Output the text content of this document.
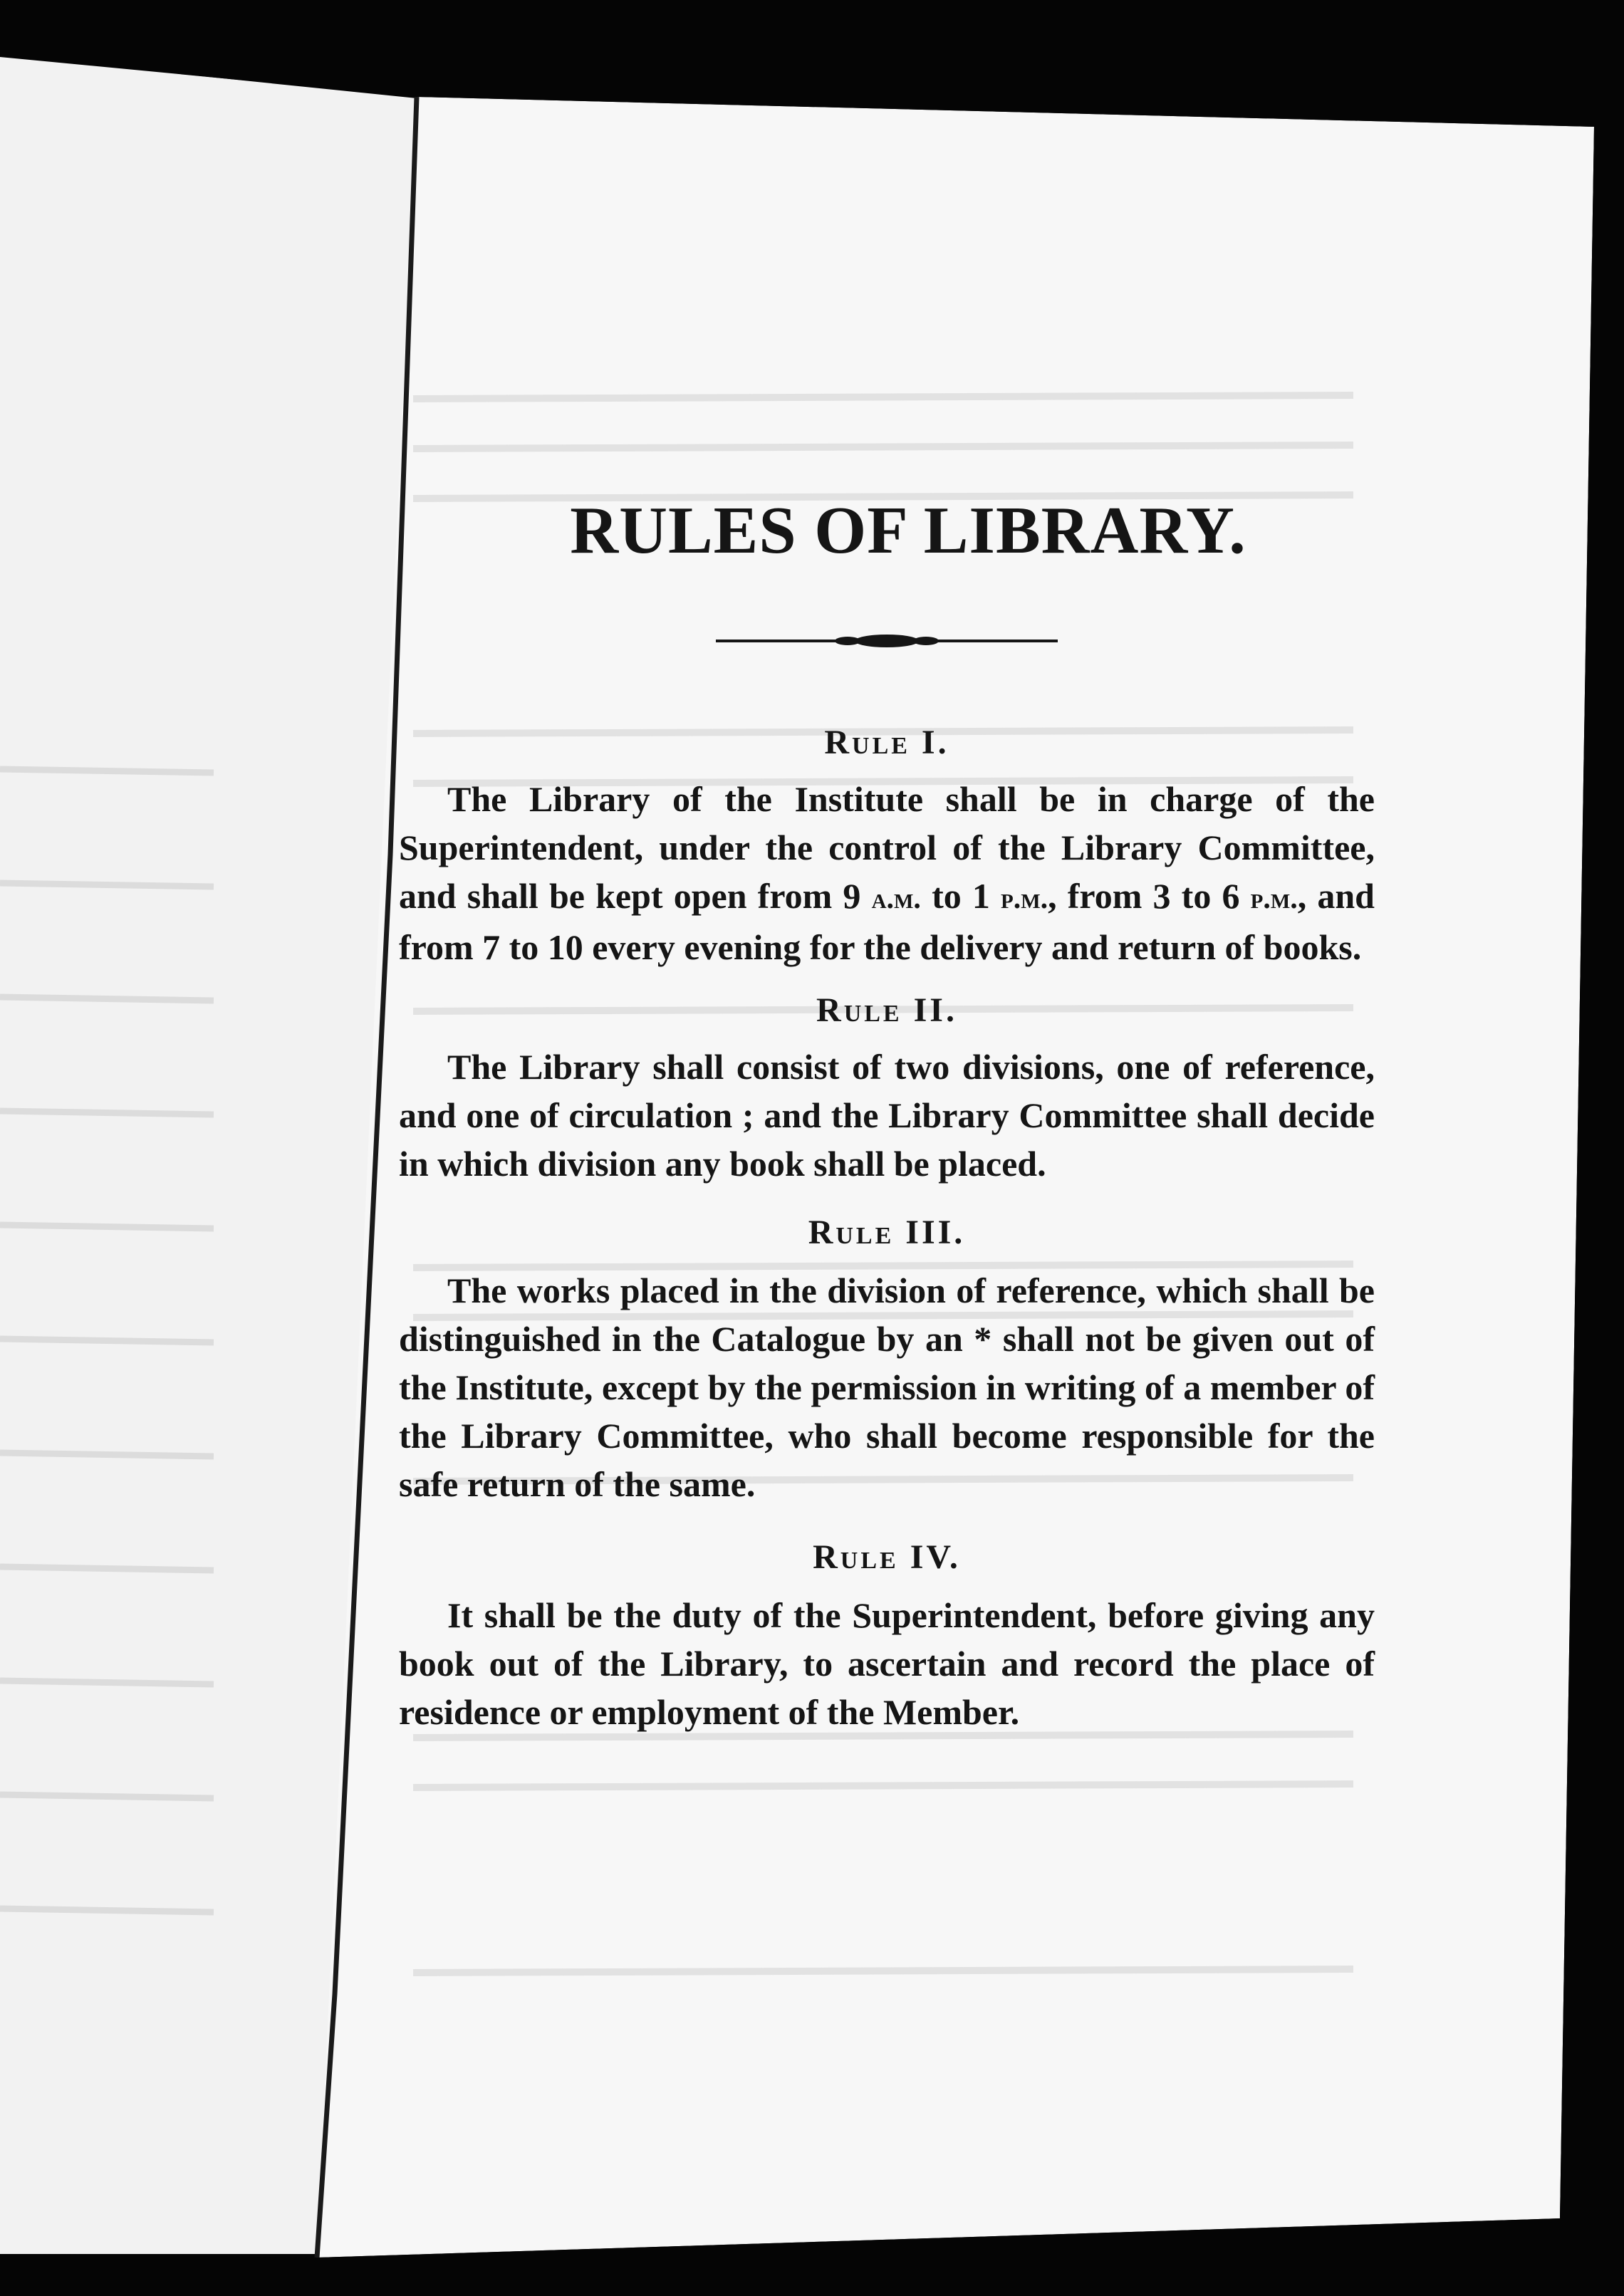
RULES OF LIBRARY.
Rule I.

The Library of the Institute shall be in charge of the Superintendent, under the control of the Library Committee, and shall be kept open from 9 a.m. to 1 p.m., from 3 to 6 p.m., and from 7 to 10 every evening for the delivery and return of books.

Rule II.

The Library shall consist of two divisions, one of reference, and one of circulation ; and the Library Committee shall decide in which division any book shall be placed.

Rule III.

The works placed in the division of reference, which shall be distinguished in the Catalogue by an * shall not be given out of the Institute, except by the permission in writing of a member of the Library Committee, who shall become responsible for the safe return of the same.

Rule IV.

It shall be the duty of the Superintendent, before giving any book out of the Library, to ascertain and record the place of residence or employment of the Member.
